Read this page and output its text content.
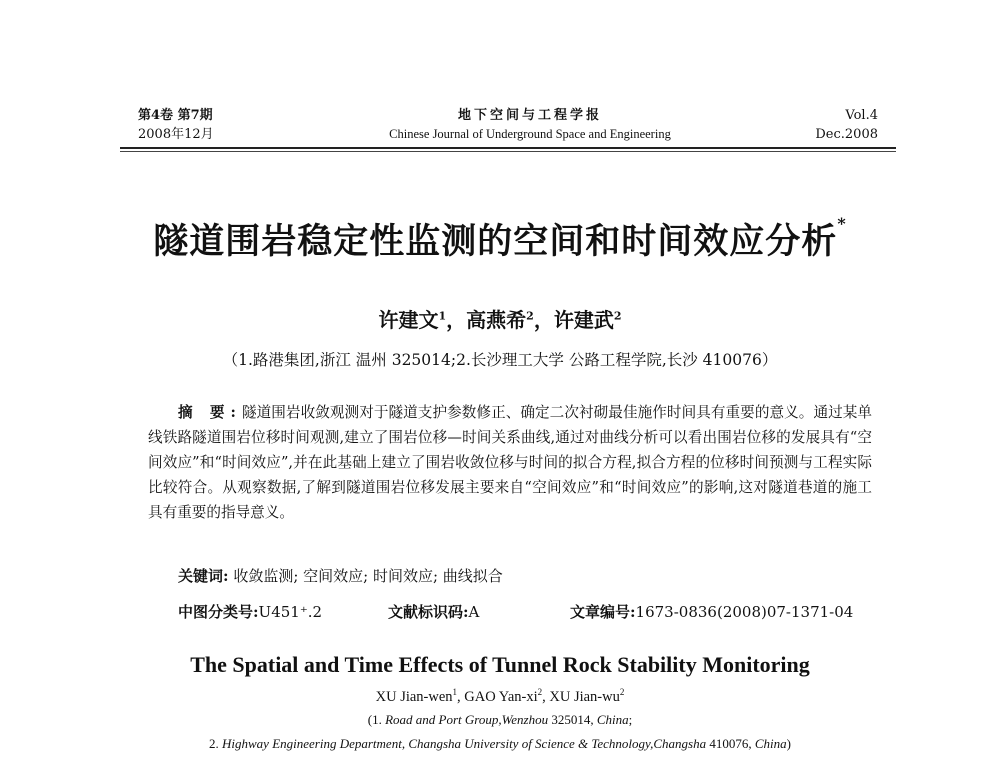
第4卷 第7期
2008年12月
地下空间与工程学报
Chinese Journal of Underground Space and Engineering
Vol.4
Dec.2008
隧道围岩稳定性监测的空间和时间效应分析*
许建文$^1$，高燕希$^2$，许建武$^2$
（1.路港集团,浙江 温州 325014;2.长沙理工大学 公路工程学院,长沙 410076）
摘 要:隧道围岩收敛观测对于隧道支护参数修正、确定二次衬砌最佳施作时间具有重要的意义。通过某单线铁路隧道围岩位移时间观测,建立了围岩位移—时间关系曲线,通过对曲线分析可以看出围岩位移的发展具有“空间效应”和“时间效应”,并在此基础上建立了围岩收敛位移与时间的拟合方程,拟合方程的位移时间预测与工程实际比较符合。从观察数据,了解到隧道围岩位移发展主要来自“空间效应”和“时间效应”的影响,这对隧道巷道的施工具有重要的指导意义。
关键词: 收敛监测; 空间效应; 时间效应; 曲线拟合
中图分类号:U451⁺.2	文献标识码:A	文章编号:1673-0836(2008)07-1371-04
The Spatial and Time Effects of Tunnel Rock Stability Monitoring
XU Jian-wen$^1$, GAO Yan-$xi^2$, XU Jian-$wu^2$
(1. Road and Port Group,Wenzhou 325014, China;
2. Highway Engineering Department, Changsha University of Science & Technology,Changsha 410076, China)
